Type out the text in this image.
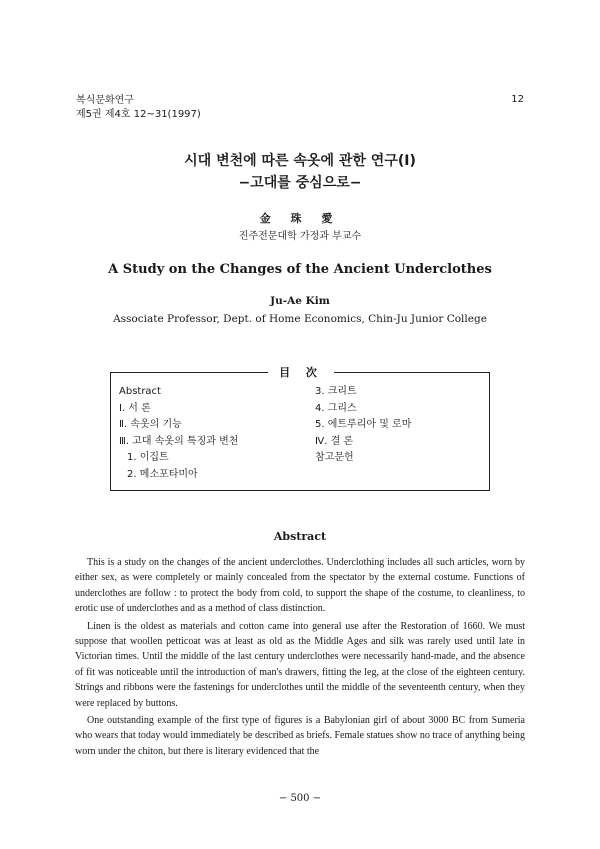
복식문화연구
제5권 제4호 12~31(1997)
12
시대 변천에 따른 속옷에 관한 연구(Ⅰ)
−고대를 중심으로−
金 珠 愛
진주전문대학 가정과 부교수
A Study on the Changes of the Ancient Underclothes
Ju-Ae Kim
Associate Professor, Dept. of Home Economics, Chin-Ju Junior College
目 次
Abstract
Ⅰ. 서 론
Ⅱ. 속옷의 기능
Ⅲ. 고대 속옷의 특징과 변천
1. 이집트
2. 메소포타미아
3. 크리트
4. 그리스
5. 에트루리아 및 로마
Ⅳ. 결 론
참고문헌
Abstract

This is a study on the changes of the ancient underclothes. Underclothing includes all such articles, worn by either sex, as were completely or mainly concealed from the spectator by the external costume. Functions of underclothes are follow : to protect the body from cold, to support the shape of the costume, to cleanliness, to erotic use of underclothes and as a method of class distinction.

Linen is the oldest as materials and cotton came into general use after the Restoration of 1660. We must suppose that woollen petticoat was at least as old as the Middle Ages and silk was rarely used until late in Victorian times. Until the middle of the last century underclothes were necessarily hand-made, and the absence of fit was noticeable until the introduction of man's drawers, fitting the leg, at the close of the eighteen century. Strings and ribbons were the fastenings for underclothes until the middle of the seventeenth century, when they were replaced by buttons.

One outstanding example of the first type of figures is a Babylonian girl of about 3000 BC from Sumeria who wears that today would immediately be described as briefs. Female statues show no trace of anything being worn under the chiton, but there is literary evidenced that the

− 500 −
